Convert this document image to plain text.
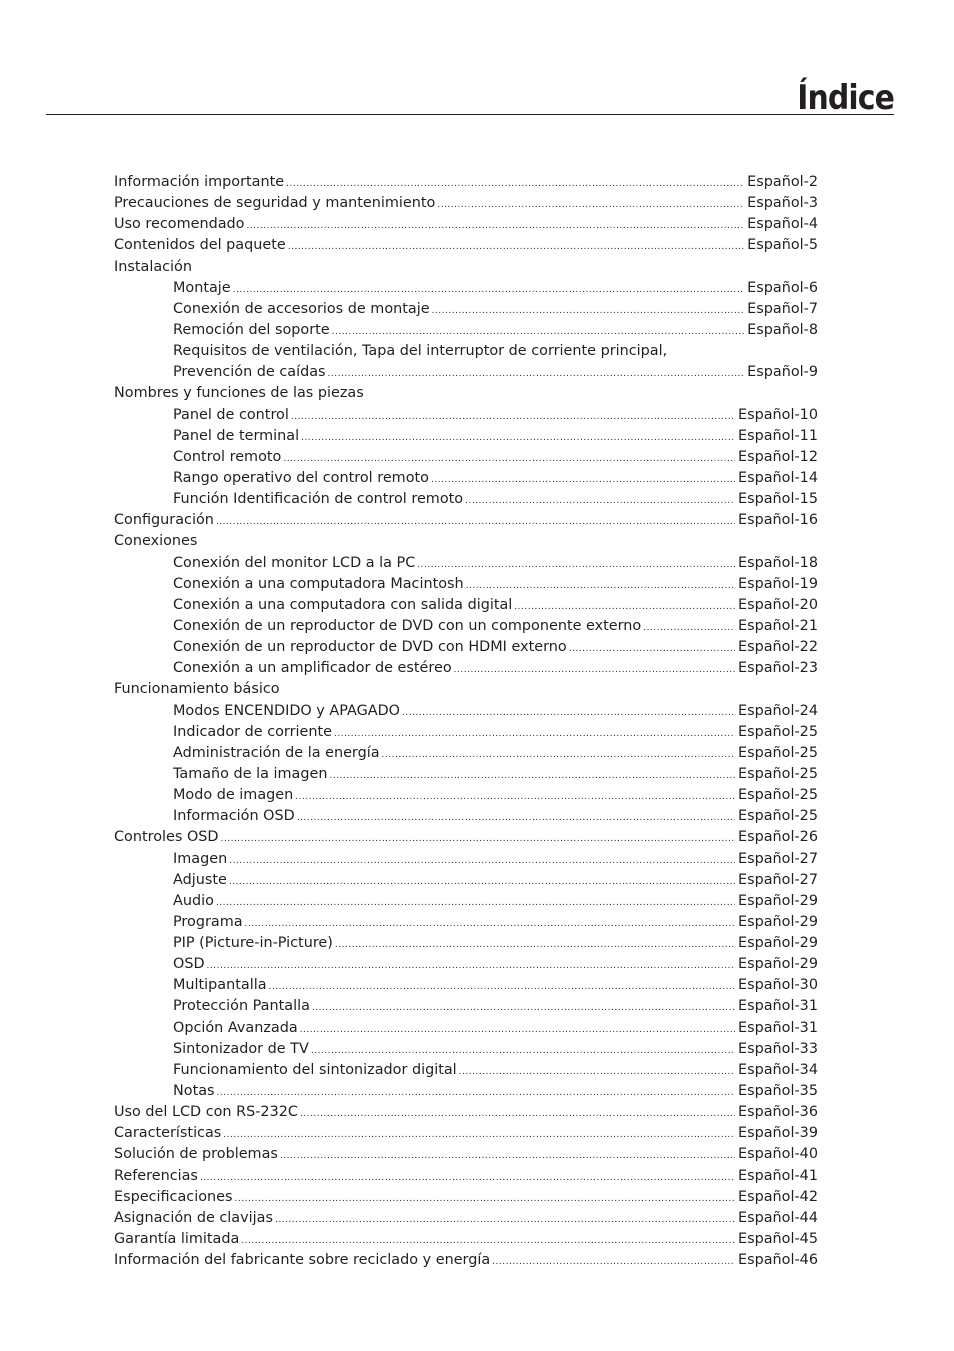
Índice
Información importante .....	Español-2
Precauciones de seguridad y mantenimiento .....	Español-3
Uso recomendado .....	Español-4
Contenidos del paquete .....	Español-5
Instalación
Montaje .....	Español-6
Conexión de accesorios de montaje .....	Español-7
Remoción del soporte .....	Español-8
Requisitos de ventilación, Tapa del interruptor de corriente principal,
Prevención de caídas .....	Español-9
Nombres y funciones de las piezas
Panel de control .....	Español-10
Panel de terminal .....	Español-11
Control remoto .....	Español-12
Rango operativo del control remoto .....	Español-14
Función Identificación de control remoto .....	Español-15
Configuración .....	Español-16
Conexiones
Conexión del monitor LCD a la PC .....	Español-18
Conexión a una computadora Macintosh .....	Español-19
Conexión a una computadora con salida digital .....	Español-20
Conexión de un reproductor de DVD con un componente externo .....	Español-21
Conexión de un reproductor de DVD con HDMI externo .....	Español-22
Conexión a un amplificador de estéreo .....	Español-23
Funcionamiento básico
Modos ENCENDIDO y APAGADO .....	Español-24
Indicador de corriente .....	Español-25
Administración de la energía .....	Español-25
Tamaño de la imagen .....	Español-25
Modo de imagen .....	Español-25
Información OSD .....	Español-25
Controles OSD .....	Español-26
Imagen .....	Español-27
Adjuste .....	Español-27
Audio .....	Español-29
Programa .....	Español-29
PIP (Picture-in-Picture) .....	Español-29
OSD .....	Español-29
Multipantalla .....	Español-30
Protección Pantalla .....	Español-31
Opción Avanzada .....	Español-31
Sintonizador de TV .....	Español-33
Funcionamiento del sintonizador digital .....	Español-34
Notas .....	Español-35
Uso del LCD con RS-232C .....	Español-36
Características .....	Español-39
Solución de problemas .....	Español-40
Referencias .....	Español-41
Especificaciones .....	Español-42
Asignación de clavijas .....	Español-44
Garantía limitada .....	Español-45
Información del fabricante sobre reciclado y energía .....	Español-46
